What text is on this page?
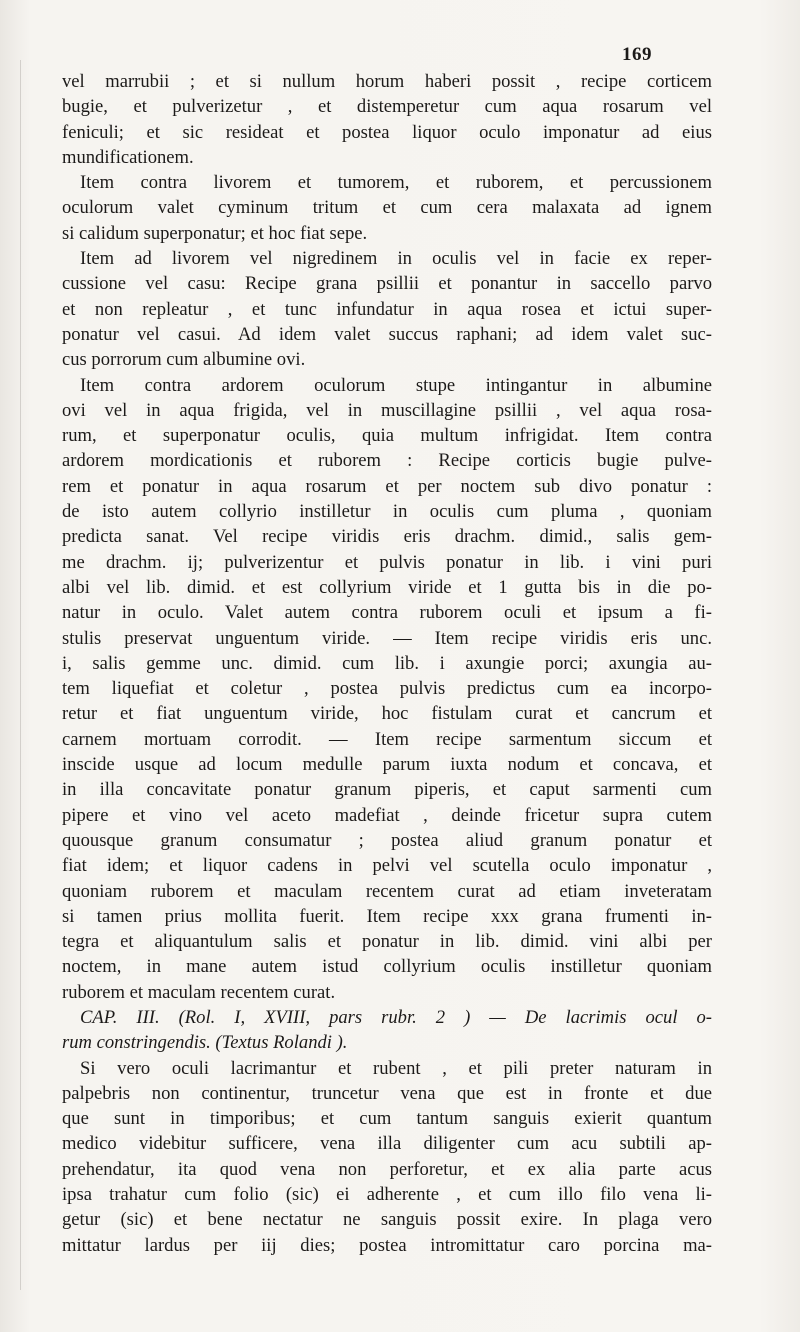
169
vel marrubii ; et si nullum horum haberi possit , recipe corticem
bugie, et pulverizetur , et distemperetur cum aqua rosarum vel
feniculi; et sic resideat et postea liquor oculo imponatur ad eius
mundificationem.
Item contra livorem et tumorem, et ruborem, et percussionem
oculorum valet cyminum tritum et cum cera malaxata ad ignem
si calidum superponatur; et hoc fiat sepe.
Item ad livorem vel nigredinem in oculis vel in facie ex reper-
cussione vel casu: Recipe grana psillii et ponantur in saccello parvo
et non repleatur , et tunc infundatur in aqua rosea et ictui super-
ponatur vel casui. Ad idem valet succus raphani; ad idem valet suc-
cus porrorum cum albumine ovi.
Item contra ardorem oculorum stupe intingantur in albumine
ovi vel in aqua frigida, vel in muscillagine psillii , vel aqua rosa-
rum, et superponatur oculis, quia multum infrigidat. Item contra
ardorem mordicationis et ruborem : Recipe corticis bugie pulve-
rem et ponatur in aqua rosarum et per noctem sub divo ponatur :
de isto autem collyrio instilletur in oculis cum pluma , quoniam
predicta sanat. Vel recipe viridis eris drachm. dimid., salis gem-
me drachm. ij; pulverizentur et pulvis ponatur in lib. i vini puri
albi vel lib. dimid. et est collyrium viride et 1 gutta bis in die po-
natur in oculo. Valet autem contra ruborem oculi et ipsum a fi-
stulis preservat unguentum viride. — Item recipe viridis eris unc.
i, salis gemme unc. dimid. cum lib. i axungie porci; axungia au-
tem liquefiat et coletur , postea pulvis predictus cum ea incorpo-
retur et fiat unguentum viride, hoc fistulam curat et cancrum et
carnem mortuam corrodit. — Item recipe sarmentum siccum et
inscide usque ad locum medulle parum iuxta nodum et concava, et
in illa concavitate ponatur granum piperis, et caput sarmenti cum
pipere et vino vel aceto madefiat , deinde fricetur supra cutem
quousque granum consumatur ; postea aliud granum ponatur et
fiat idem; et liquor cadens in pelvi vel scutella oculo imponatur ,
quoniam ruborem et maculam recentem curat ad etiam inveteratam
si tamen prius mollita fuerit. Item recipe xxx grana frumenti in-
tegra et aliquantulum salis et ponatur in lib. dimid. vini albi per
noctem, in mane autem istud collyrium oculis instilletur quoniam
ruborem et maculam recentem curat.
CAP. III. (Rol. I, XVIII, pars rubr. 2 ) — De lacrimis ocul o-
rum constringendis. (Textus Rolandi ).
Si vero oculi lacrimantur et rubent , et pili preter naturam in
palpebris non continentur, truncetur vena que est in fronte et due
que sunt in timporibus; et cum tantum sanguis exierit quantum
medico videbitur sufficere, vena illa diligenter cum acu subtili ap-
prehendatur, ita quod vena non perforetur, et ex alia parte acus
ipsa trahatur cum folio (sic) ei adherente , et cum illo filo vena li-
getur (sic) et bene nectatur ne sanguis possit exire. In plaga vero
mittatur lardus per iij dies; postea intromittatur caro porcina ma-
